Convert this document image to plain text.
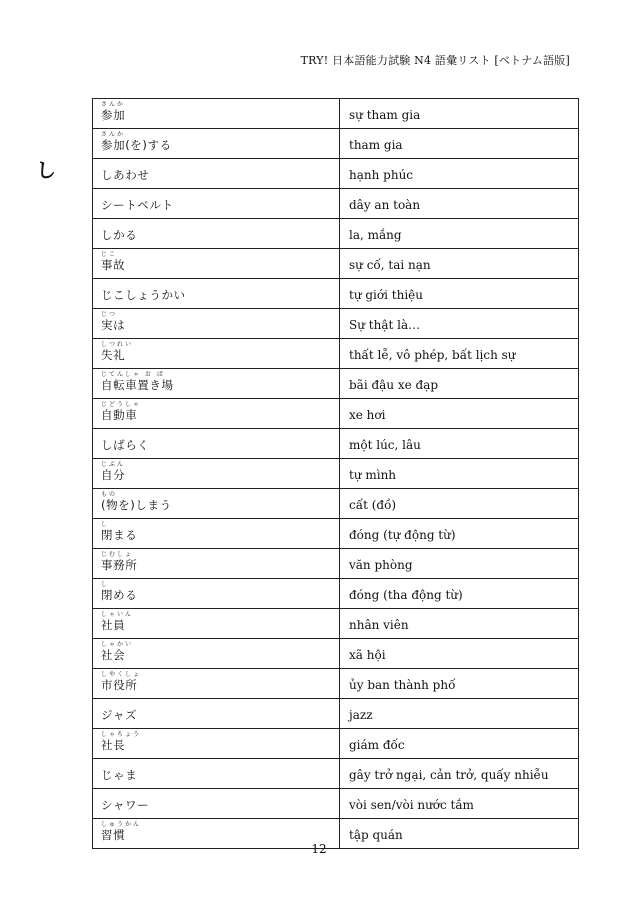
TRY! 日本語能力試験 N4 語彙リスト [ベトナム語版]
し
さんか
参加	sự tham gia

さんか
参加(を)する	tham gia

しあわせ	hạnh phúc

シートベルト	dây an toàn

しかる	la, mắng

じこ
事故	sự cố, tai nạn

じこしょうかい	tự giới thiệu

じつ
実は	Sự thật là…

しつれい
失礼	thất lễ, vô phép, bất lịch sự

じてんしゃ お ば
自転車置き場	bãi đậu xe đạp

じどうしゃ
自動車	xe hơi

しばらく	một lúc, lâu

じぶん
自分	tự mình

もの
(物を)しまう	cất (đồ)

し
閉まる	đóng (tự động từ)

じむしょ
事務所	văn phòng

し
閉める	đóng (tha động từ)

しゃいん
社員	nhân viên

しゃかい
社会	xã hội

しやくしょ
市役所	ủy ban thành phố

ジャズ	jazz

しゃちょう
社長	giám đốc

じゃま	gây trở ngại, cản trở, quấy nhiễu

シャワー	vòi sen/vòi nước tắm

しゅうかん
習慣	tập quán
12
